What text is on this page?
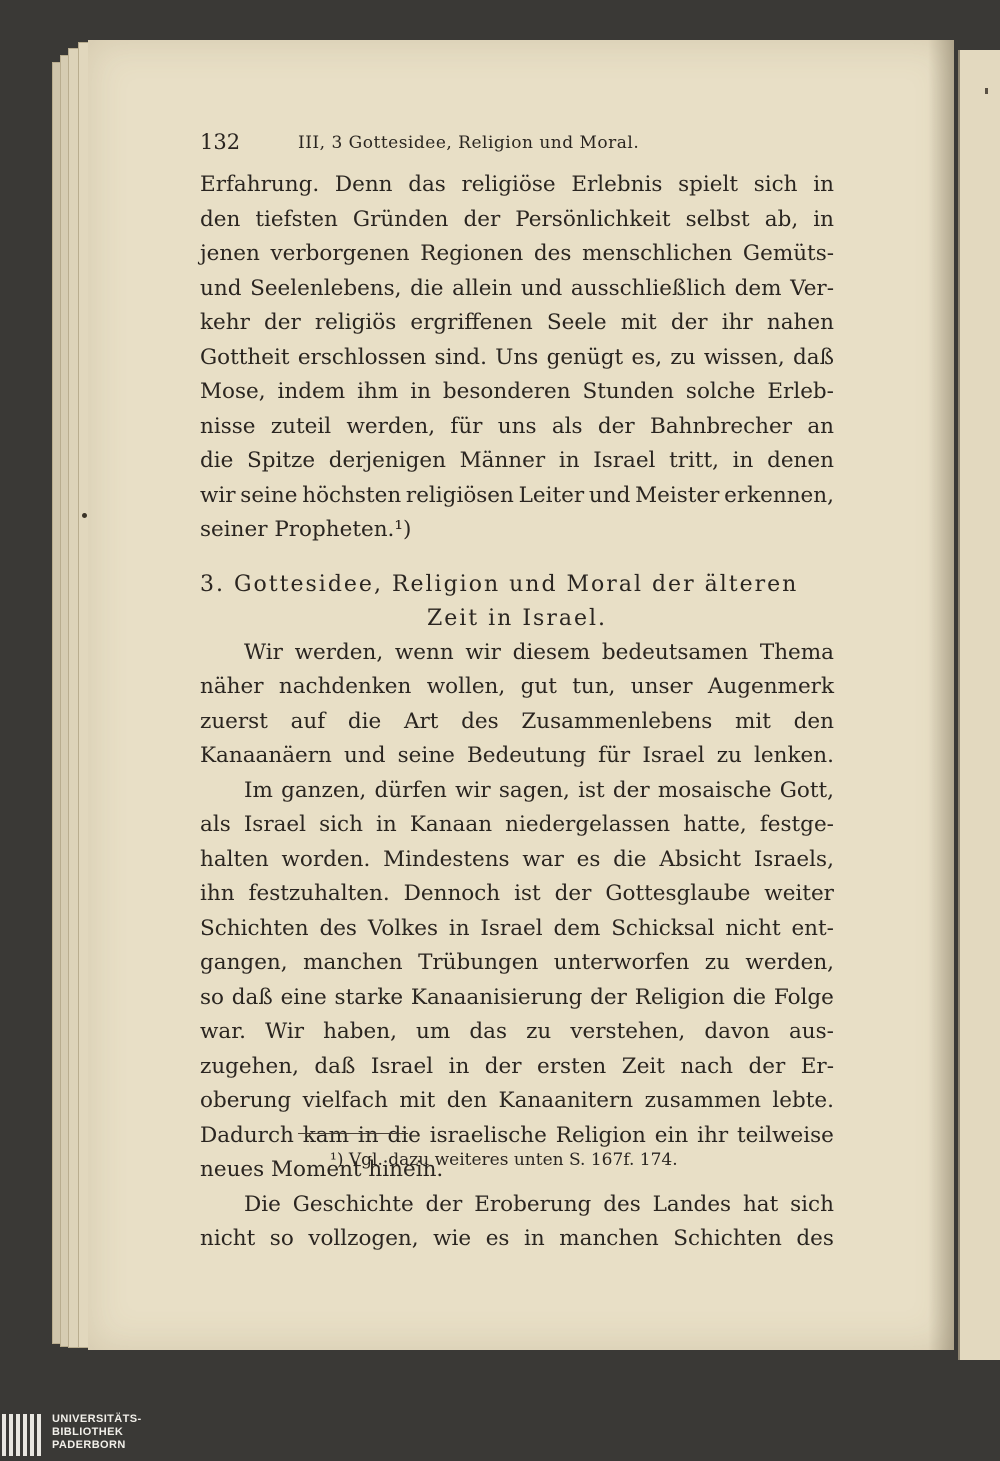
132	III, 3 Gottesidee, Religion und Moral.
Erfahrung. Denn das religiöse Erlebnis spielt sich in
den tiefsten Gründen der Persönlichkeit selbst ab, in
jenen verborgenen Regionen des menschlichen Gemüts-
und Seelenlebens, die allein und ausschließlich dem Ver-
kehr der religiös ergriffenen Seele mit der ihr nahen
Gottheit erschlossen sind. Uns genügt es, zu wissen, daß
Mose, indem ihm in besonderen Stunden solche Erleb-
nisse zuteil werden, für uns als der Bahnbrecher an
die Spitze derjenigen Männer in Israel tritt, in denen
wir seine höchsten religiösen Leiter und Meister erkennen,
seiner Propheten.¹)
3. Gottesidee, Religion und Moral der älteren
Zeit in Israel.
Wir werden, wenn wir diesem bedeutsamen Thema
näher nachdenken wollen, gut tun, unser Augenmerk
zuerst auf die Art des Zusammenlebens mit den
Kanaanäern und seine Bedeutung für Israel zu lenken.
Im ganzen, dürfen wir sagen, ist der mosaische Gott,
als Israel sich in Kanaan niedergelassen hatte, festge-
halten worden. Mindestens war es die Absicht Israels,
ihn festzuhalten. Dennoch ist der Gottesglaube weiter
Schichten des Volkes in Israel dem Schicksal nicht ent-
gangen, manchen Trübungen unterworfen zu werden,
so daß eine starke Kanaanisierung der Religion die Folge
war. Wir haben, um das zu verstehen, davon aus-
zugehen, daß Israel in der ersten Zeit nach der Er-
oberung vielfach mit den Kanaanitern zusammen lebte.
Dadurch kam in die israelische Religion ein ihr teilweise
neues Moment hinein.
Die Geschichte der Eroberung des Landes hat sich
nicht so vollzogen, wie es in manchen Schichten des
¹) Vgl. dazu weiteres unten S. 167f. 174.
UNIVERSITÄTS-
BIBLIOTHEK
PADERBORN
